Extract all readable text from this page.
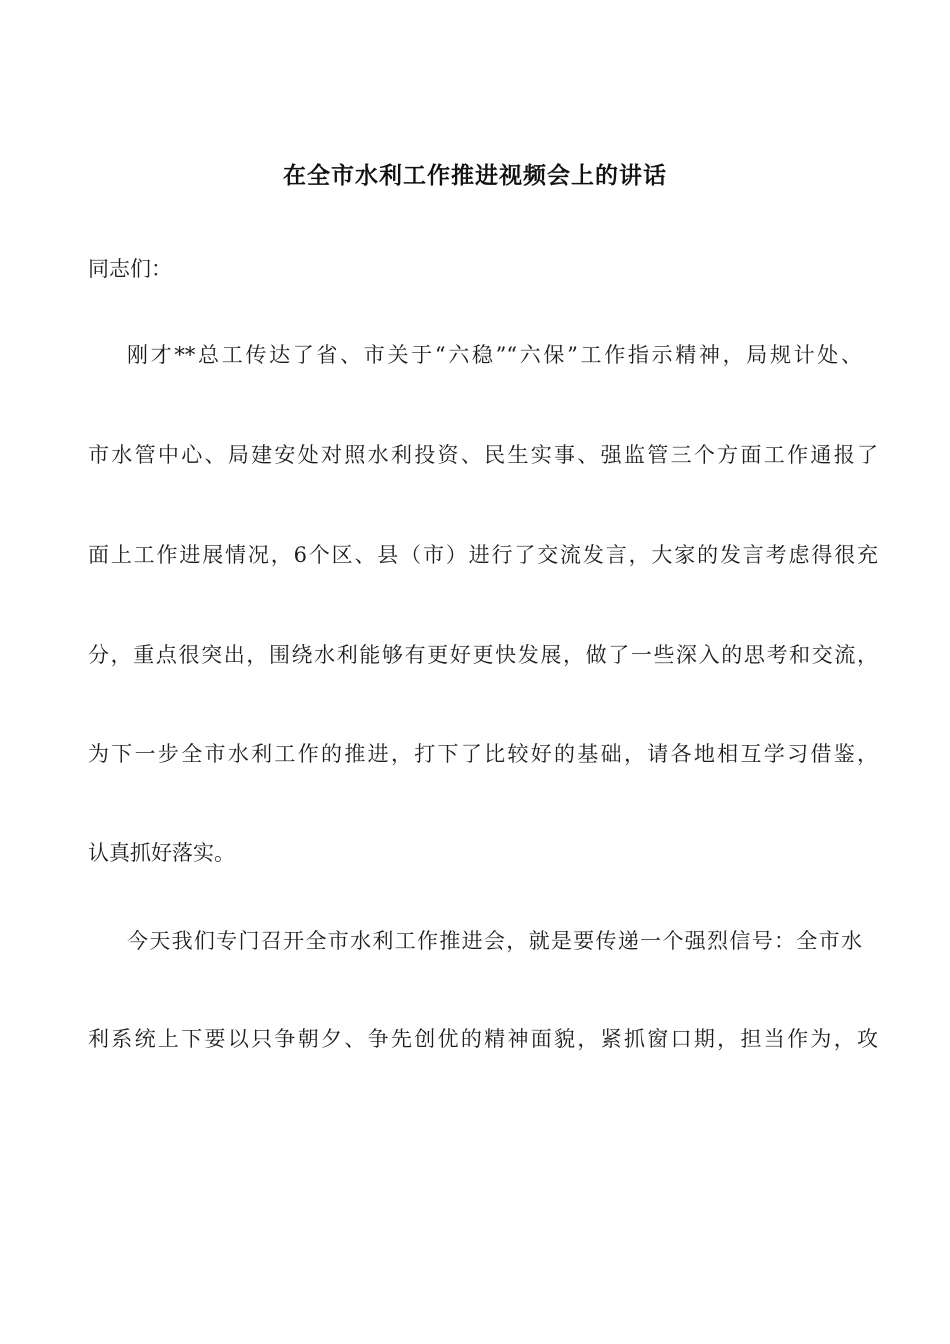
在全市水利工作推进视频会上的讲话
同志们：
刚才**总工传达了省、市关于“六稳”“六保”工作指示精神，局规计处、
市水管中心、局建安处对照水利投资、民生实事、强监管三个方面工作通报了
面上工作进展情况，6个区、县（市）进行了交流发言，大家的发言考虑得很充
分，重点很突出，围绕水利能够有更好更快发展，做了一些深入的思考和交流，
为下一步全市水利工作的推进，打下了比较好的基础，请各地相互学习借鉴，
认真抓好落实。
今天我们专门召开全市水利工作推进会，就是要传递一个强烈信号：全市水
利系统上下要以只争朝夕、争先创优的精神面貌，紧抓窗口期，担当作为，攻
